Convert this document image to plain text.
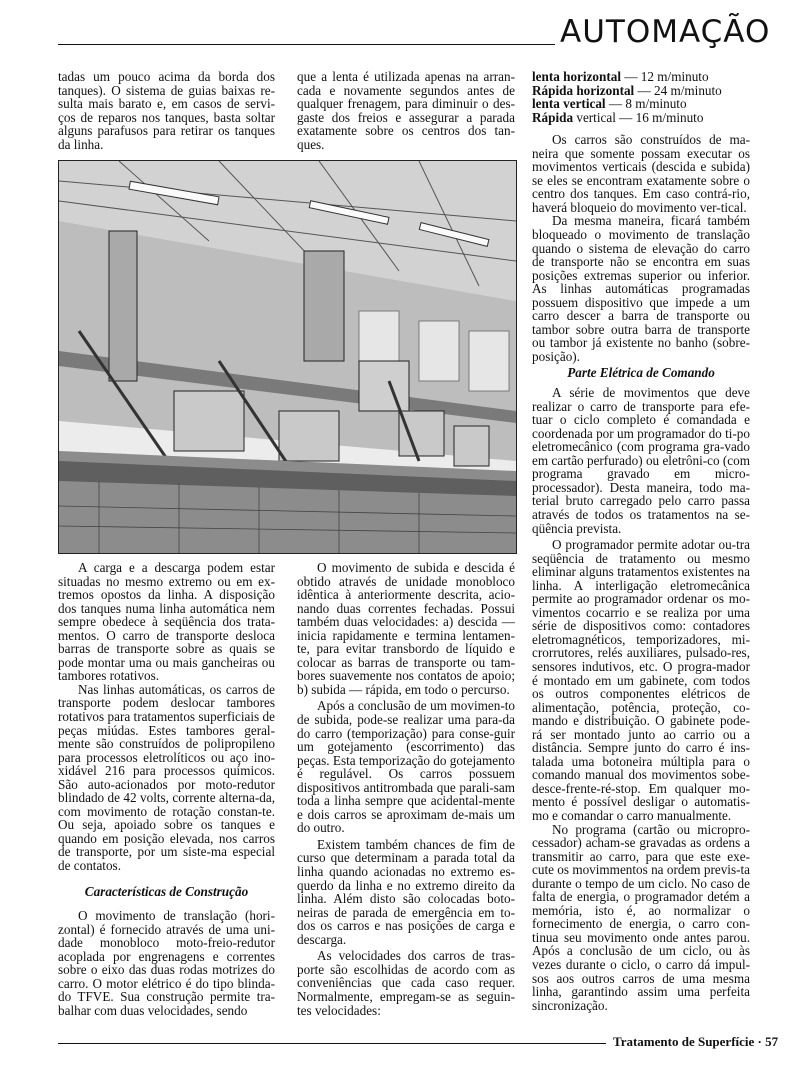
AUTOMAÇÃO

tadas um pouco acima da borda dos tanques). O sistema de guias baixas re-sulta mais barato e, em casos de servi-ços de reparos nos tanques, basta soltar alguns parafusos para retirar os tanques da linha.

que a lenta é utilizada apenas na arran-cada e novamente segundos antes de qualquer frenagem, para diminuir o des-gaste dos freios e assegurar a parada exatamente sobre os centros dos tan-ques.

A carga e a descarga podem estar situadas no mesmo extremo ou em ex-tremos opostos da linha. A disposição dos tanques numa linha automática nem sempre obedece à seqüência dos trata-mentos. O carro de transporte desloca barras de transporte sobre as quais se pode montar uma ou mais gancheiras ou tambores rotativos.

Nas linhas automáticas, os carros de transporte podem deslocar tambores rotativos para tratamentos superficiais de peças miúdas. Estes tambores geral-mente são construídos de polipropileno para processos eletrolíticos ou aço ino-xidável 216 para processos químicos. São auto-acionados por moto-redutor blindado de 42 volts, corrente alterna-da, com movimento de rotação constan-te. Ou seja, apoiado sobre os tanques e quando em posição elevada, nos carros de transporte, por um siste-ma especial de contatos.

Características de Construção

O movimento de translação (hori-zontal) é fornecido através de uma uni-dade monobloco moto-freio-redutor acoplada por engrenagens e correntes sobre o eixo das duas rodas motrizes do carro. O motor elétrico é do tipo blinda-do TFVE. Sua construção permite tra-balhar com duas velocidades, sendo

O movimento de subida e descida é obtido através de unidade monobloco idêntica à anteriormente descrita, acio-nando duas correntes fechadas. Possui também duas velocidades: a) descida — inicia rapidamente e termina lentamen-te, para evitar transbordo de líquido e colocar as barras de transporte ou tam-bores suavemente nos contatos de apoio; b) subida — rápida, em todo o percurso.

Após a conclusão de um movimen-to de subida, pode-se realizar uma para-da do carro (temporização) para conse-guir um gotejamento (escorrimento) das peças. Esta temporização do gotejamento é regulável. Os carros possuem dispositivos antitrombada que parali-sam toda a linha sempre que acidental-mente e dois carros se aproximam de-mais um do outro.

Existem também chances de fim de curso que determinam a parada total da linha quando acionadas no extremo es-querdo da linha e no extremo direito da linha. Além disto são colocadas boto-neiras de parada de emergência em to-dos os carros e nas posições de carga e descarga.

As velocidades dos carros de tras-porte são escolhidas de acordo com as conveniências que cada caso requer. Normalmente, empregam-se as seguin-tes velocidades:

lenta horizontal — 12 m/minuto

Rápida horizontal — 24 m/minuto

lenta vertical — 8 m/minuto

Rápida vertical — 16 m/minuto

Os carros são construídos de ma-neira que somente possam executar os movimentos verticais (descida e subida) se eles se encontram exatamente sobre o centro dos tanques. Em caso contrá-rio, haverá bloqueio do movimento ver-tical.

Da mesma maneira, ficará também bloqueado o movimento de translação quando o sistema de elevação do carro de transporte não se encontra em suas posições extremas superior ou inferior. As linhas automáticas programadas possuem dispositivo que impede a um carro descer a barra de transporte ou tambor sobre outra barra de transporte ou tambor já existente no banho (sobre-posição).

Parte Elétrica de Comando

A série de movimentos que deve realizar o carro de transporte para efe-tuar o ciclo completo é comandada e coordenada por um programador do ti-po eletromecânico (com programa gra-vado em cartão perfurado) ou eletrôni-co (com programa gravado em micro-processador). Desta maneira, todo ma-terial bruto carregado pelo carro passa através de todos os tratamentos na se-qüência prevista.

O programador permite adotar ou-tra seqüência de tratamento ou mesmo eliminar alguns tratamentos existentes na linha. A interligação eletromecânica permite ao programador ordenar os mo-vimentos cocarrio e se realiza por uma série de dispositivos como: contadores eletromagnéticos, temporizadores, mi-crorrutores, relés auxiliares, pulsado-res, sensores indutivos, etc. O progra-mador é montado em um gabinete, com todos os outros componentes elétricos de alimentação, potência, proteção, co-mando e distribuição. O gabinete pode-rá ser montado junto ao carrio ou a distância. Sempre junto do carro é ins-talada uma botoneira múltipla para o comando manual dos movimentos sobe-desce-frente-ré-stop. Em qualquer mo-mento é possível desligar o automatis-mo e comandar o carro manualmente.

No programa (cartão ou micropro-cessador) acham-se gravadas as ordens a transmitir ao carro, para que este exe-cute os movimmentos na ordem previs-ta durante o tempo de um ciclo. No caso de falta de energia, o programador detém a memória, isto é, ao normalizar o fornecimento de energia, o carro con-tinua seu movimento onde antes parou. Após a conclusão de um ciclo, ou às vezes durante o ciclo, o carro dá impul-sos aos outros carros de uma mesma linha, garantindo assim uma perfeita sincronização.

Tratamento de Superfície · 57
